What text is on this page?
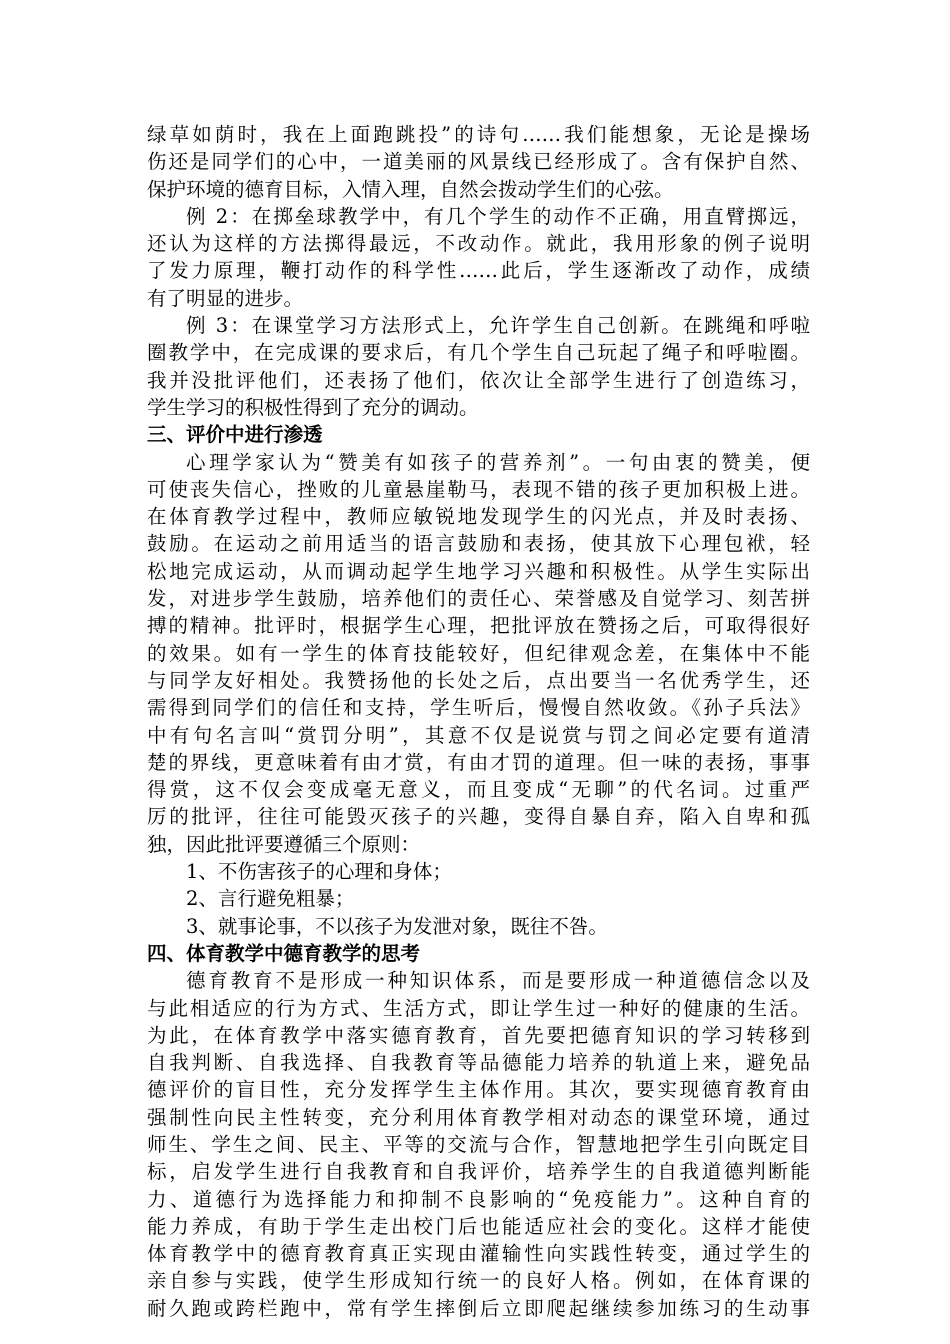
绿草如荫时，我在上面跑跳投”的诗句……我们能想象，无论是操场
伤还是同学们的心中，一道美丽的风景线已经形成了。含有保护自然、
保护环境的德育目标，入情入理，自然会拨动学生们的心弦。
例 2：在掷垒球教学中，有几个学生的动作不正确，用直臂掷远，
还认为这样的方法掷得最远，不改动作。就此，我用形象的例子说明
了发力原理，鞭打动作的科学性……此后，学生逐渐改了动作，成绩
有了明显的进步。
例 3：在课堂学习方法形式上，允许学生自己创新。在跳绳和呼啦
圈教学中，在完成课的要求后，有几个学生自己玩起了绳子和呼啦圈。
我并没批评他们，还表扬了他们，依次让全部学生进行了创造练习，
学生学习的积极性得到了充分的调动。
三、评价中进行渗透
心理学家认为“赞美有如孩子的营养剂”。一句由衷的赞美，便
可使丧失信心，挫败的儿童悬崖勒马，表现不错的孩子更加积极上进。
在体育教学过程中，教师应敏锐地发现学生的闪光点，并及时表扬、
鼓励。在运动之前用适当的语言鼓励和表扬，使其放下心理包袱，轻
松地完成运动，从而调动起学生地学习兴趣和积极性。从学生实际出
发，对进步学生鼓励，培养他们的责任心、荣誉感及自觉学习、刻苦拼
搏的精神。批评时，根据学生心理，把批评放在赞扬之后，可取得很好
的效果。如有一学生的体育技能较好，但纪律观念差，在集体中不能
与同学友好相处。我赞扬他的长处之后，点出要当一名优秀学生，还
需得到同学们的信任和支持，学生听后，慢慢自然收敛。《孙子兵法》
中有句名言叫“赏罚分明”，其意不仅是说赏与罚之间必定要有道清
楚的界线，更意味着有由才赏，有由才罚的道理。但一味的表扬，事事
得赏，这不仅会变成毫无意义，而且变成“无聊”的代名词。过重严
厉的批评，往往可能毁灭孩子的兴趣，变得自暴自弃，陷入自卑和孤
独，因此批评要遵循三个原则：
1、不伤害孩子的心理和身体；
2、言行避免粗暴；
3、就事论事，不以孩子为发泄对象，既往不咎。
四、体育教学中德育教学的思考
德育教育不是形成一种知识体系，而是要形成一种道德信念以及
与此相适应的行为方式、生活方式，即让学生过一种好的健康的生活。
为此，在体育教学中落实德育教育，首先要把德育知识的学习转移到
自我判断、自我选择、自我教育等品德能力培养的轨道上来，避免品
德评价的盲目性，充分发挥学生主体作用。其次，要实现德育教育由
强制性向民主性转变，充分利用体育教学相对动态的课堂环境，通过
师生、学生之间、民主、平等的交流与合作，智慧地把学生引向既定目
标，启发学生进行自我教育和自我评价，培养学生的自我道德判断能
力、道德行为选择能力和抑制不良影响的“免疫能力”。这种自育的
能力养成，有助于学生走出校门后也能适应社会的变化。这样才能使
体育教学中的德育教育真正实现由灌输性向实践性转变，通过学生的
亲自参与实践，使学生形成知行统一的良好人格。例如，在体育课的
耐久跑或跨栏跑中，常有学生摔倒后立即爬起继续参加练习的生动事
